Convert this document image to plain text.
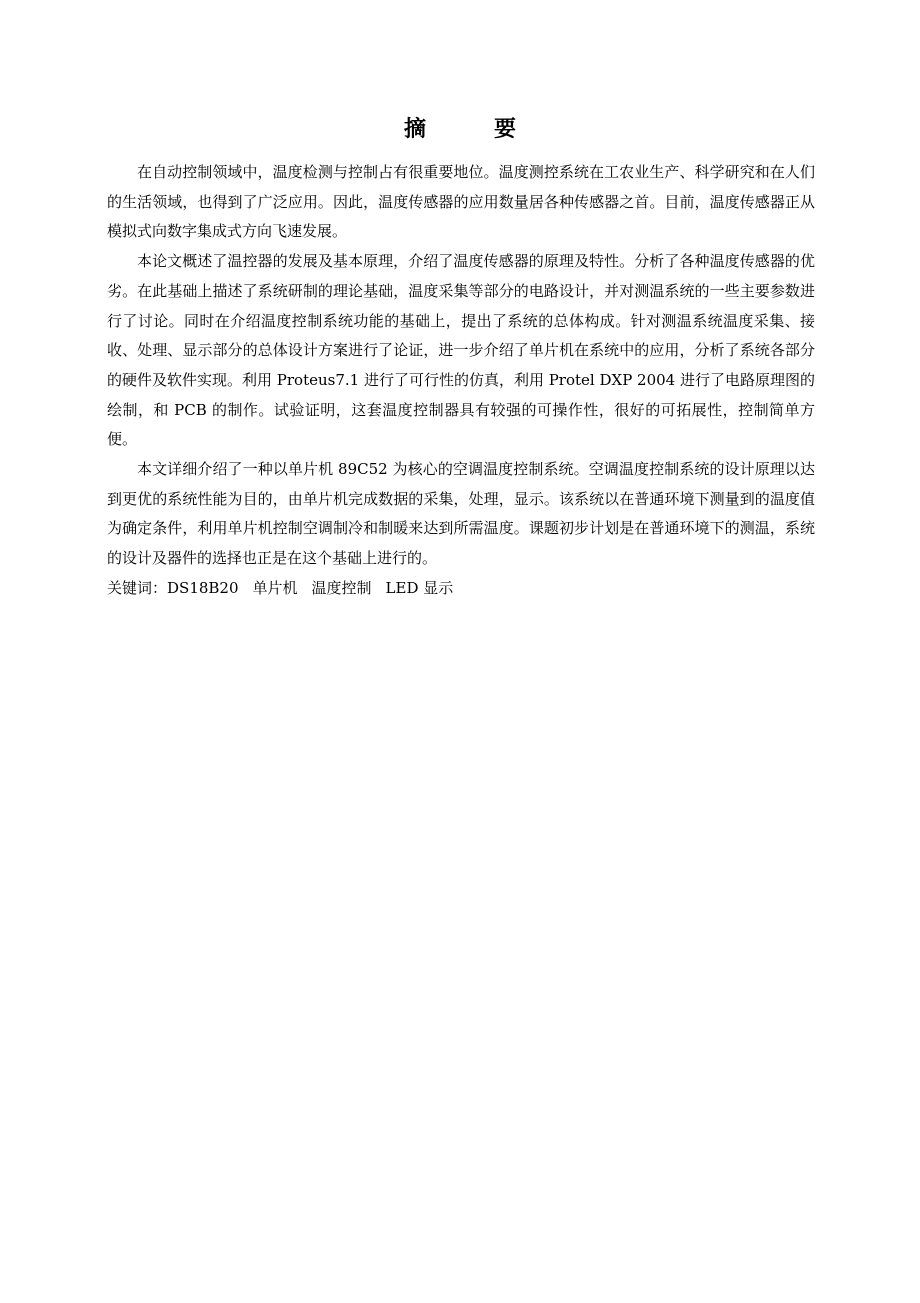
摘	要

在自动控制领域中，温度检测与控制占有很重要地位。温度测控系统在工农业生产、科学研究和在人们的生活领域，也得到了广泛应用。因此，温度传感器的应用数量居各种传感器之首。目前，温度传感器正从模拟式向数字集成式方向飞速发展。

本论文概述了温控器的发展及基本原理，介绍了温度传感器的原理及特性。分析了各种温度传感器的优劣。在此基础上描述了系统研制的理论基础，温度采集等部分的电路设计，并对测温系统的一些主要参数进行了讨论。同时在介绍温度控制系统功能的基础上，提出了系统的总体构成。针对测温系统温度采集、接收、处理、显示部分的总体设计方案进行了论证，进一步介绍了单片机在系统中的应用，分析了系统各部分的硬件及软件实现。利用 Proteus7.1 进行了可行性的仿真，利用 Protel DXP 2004 进行了电路原理图的绘制，和 PCB 的制作。试验证明，这套温度控制器具有较强的可操作性，很好的可拓展性，控制简单方便。

本文详细介绍了一种以单片机 89C52 为核心的空调温度控制系统。空调温度控制系统的设计原理以达到更优的系统性能为目的，由单片机完成数据的采集，处理，显示。该系统以在普通环境下测量到的温度值为确定条件，利用单片机控制空调制冷和制暖来达到所需温度。课题初步计划是在普通环境下的测温，系统的设计及器件的选择也正是在这个基础上进行的。

关键词：DS18B20 单片机 温度控制 LED 显示
